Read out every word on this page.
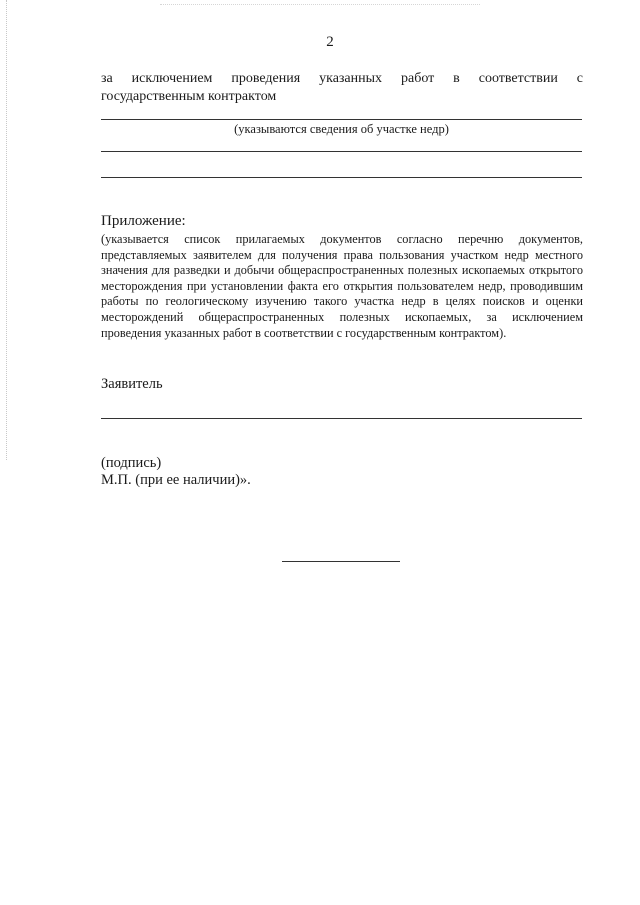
2
за исключением проведения указанных работ в соответствии с
государственным контрактом
(указываются сведения об участке недр)
Приложение:
(указывается список прилагаемых документов согласно перечню документов, представляемых заявителем для получения права пользования участком недр местного значения для разведки и добычи общераспространенных полезных ископаемых открытого месторождения при установлении факта его открытия пользователем недр, проводившим работы по геологическому изучению такого участка недр в целях поисков и оценки месторождений общераспространенных полезных ископаемых, за исключением проведения указанных работ в соответствии с государственным контрактом).
Заявитель
(подпись)
М.П. (при ее наличии)».
